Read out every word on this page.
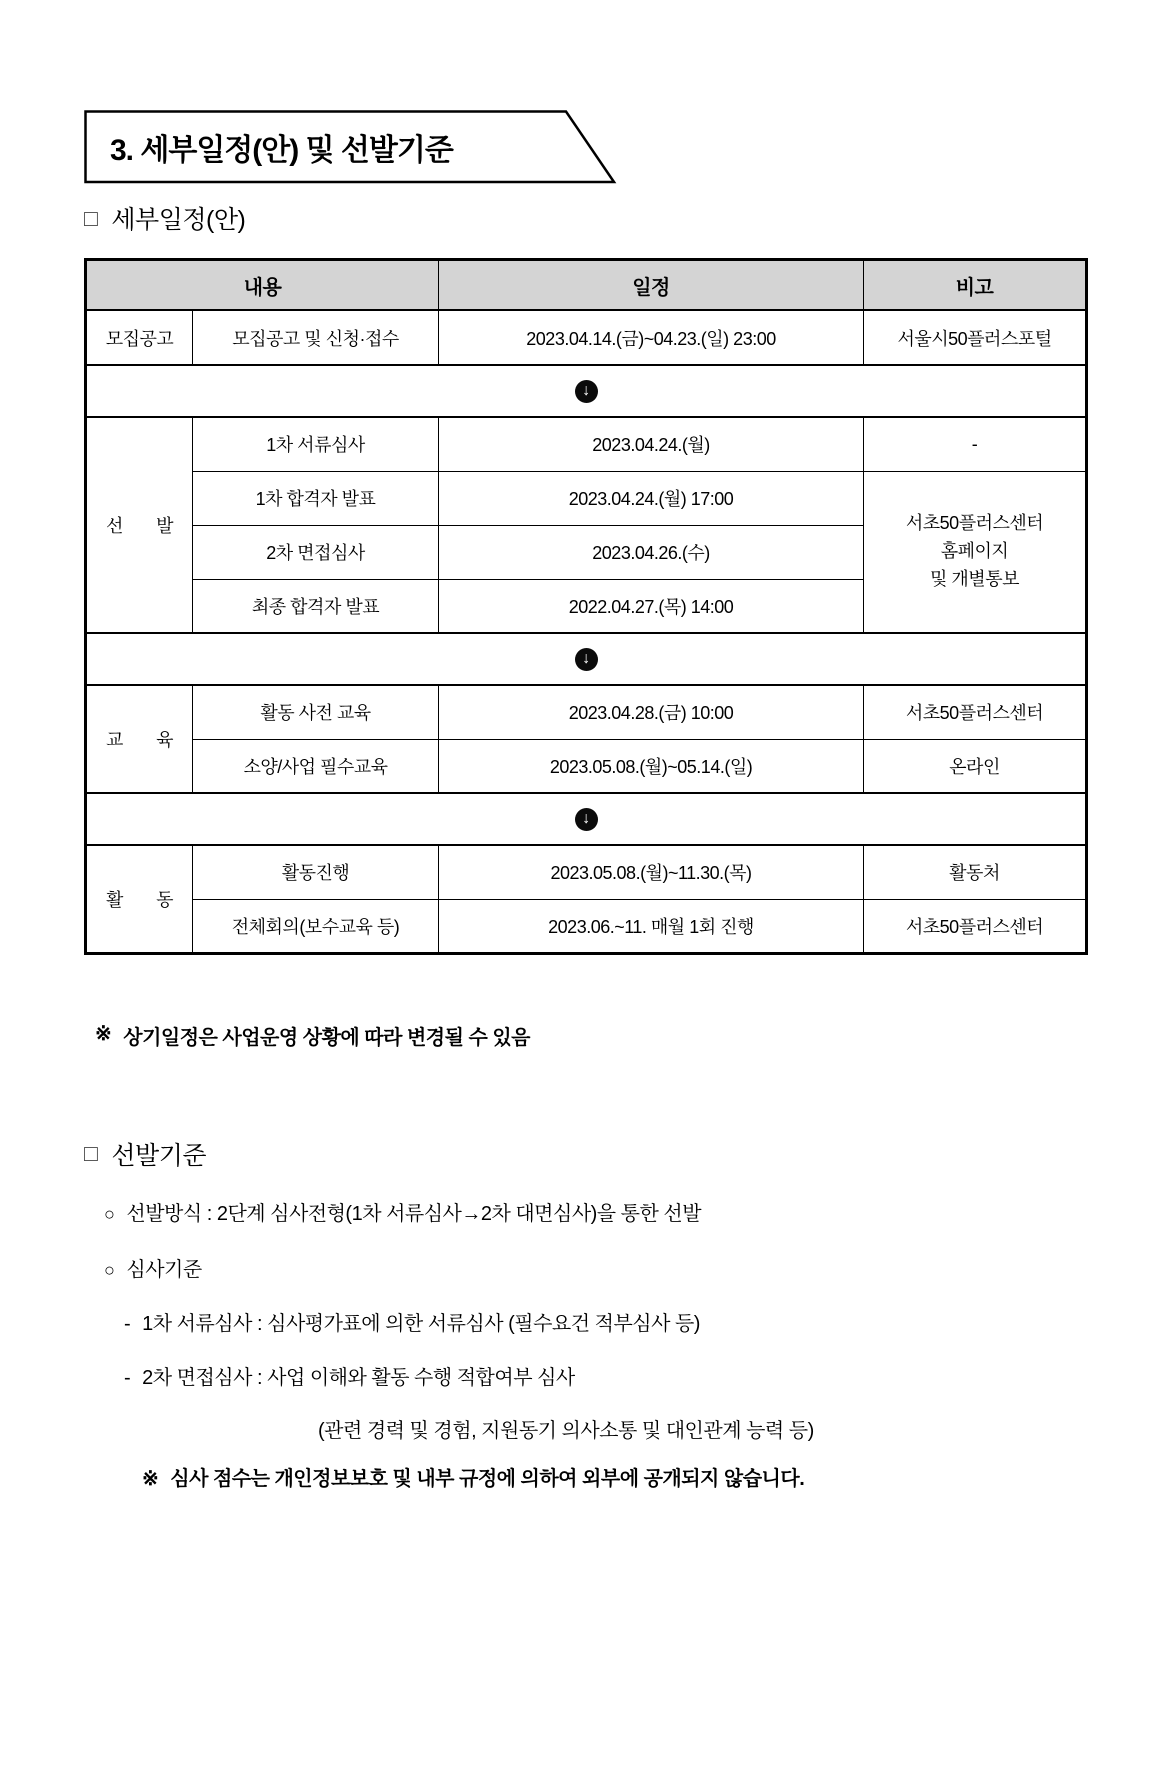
3. 세부일정(안) 및 선발기준
□ 세부일정(안)
내용		일정	비고
모집공고	모집공고 및 신청·접수	2023.04.14.(금)~04.23.(일) 23:00	서울시50플러스포털
↓			
선 발	1차 서류심사	2023.04.24.(월)	-
	1차 합격자 발표	2023.04.24.(월) 17:00	서초50플러스센터
홈페이지
및 개별통보

	2차 면접심사	2023.04.26.(수)	
	최종 합격자 발표	2022.04.27.(목) 14:00	
↓			
교 육	활동 사전 교육	2023.04.28.(금) 10:00	서초50플러스센터
	소양/사업 필수교육	2023.05.08.(월)~05.14.(일)	온라인
↓			
활 동	활동진행	2023.05.08.(월)~11.30.(목)	활동처
	전체회의(보수교육 등)	2023.06.~11. 매월 1회 진행	서초50플러스센터
※ 상기일정은 사업운영 상황에 따라 변경될 수 있음
□ 선발기준
○ 선발방식 : 2단계 심사전형(1차 서류심사→2차 대면심사)을 통한 선발
○ 심사기준
- 1차 서류심사 : 심사평가표에 의한 서류심사 (필수요건 적부심사 등)
- 2차 면접심사 : 사업 이해와 활동 수행 적합여부 심사
(관련 경력 및 경험, 지원동기 의사소통 및 대인관계 능력 등)
※ 심사 점수는 개인정보보호 및 내부 규정에 의하여 외부에 공개되지 않습니다.
